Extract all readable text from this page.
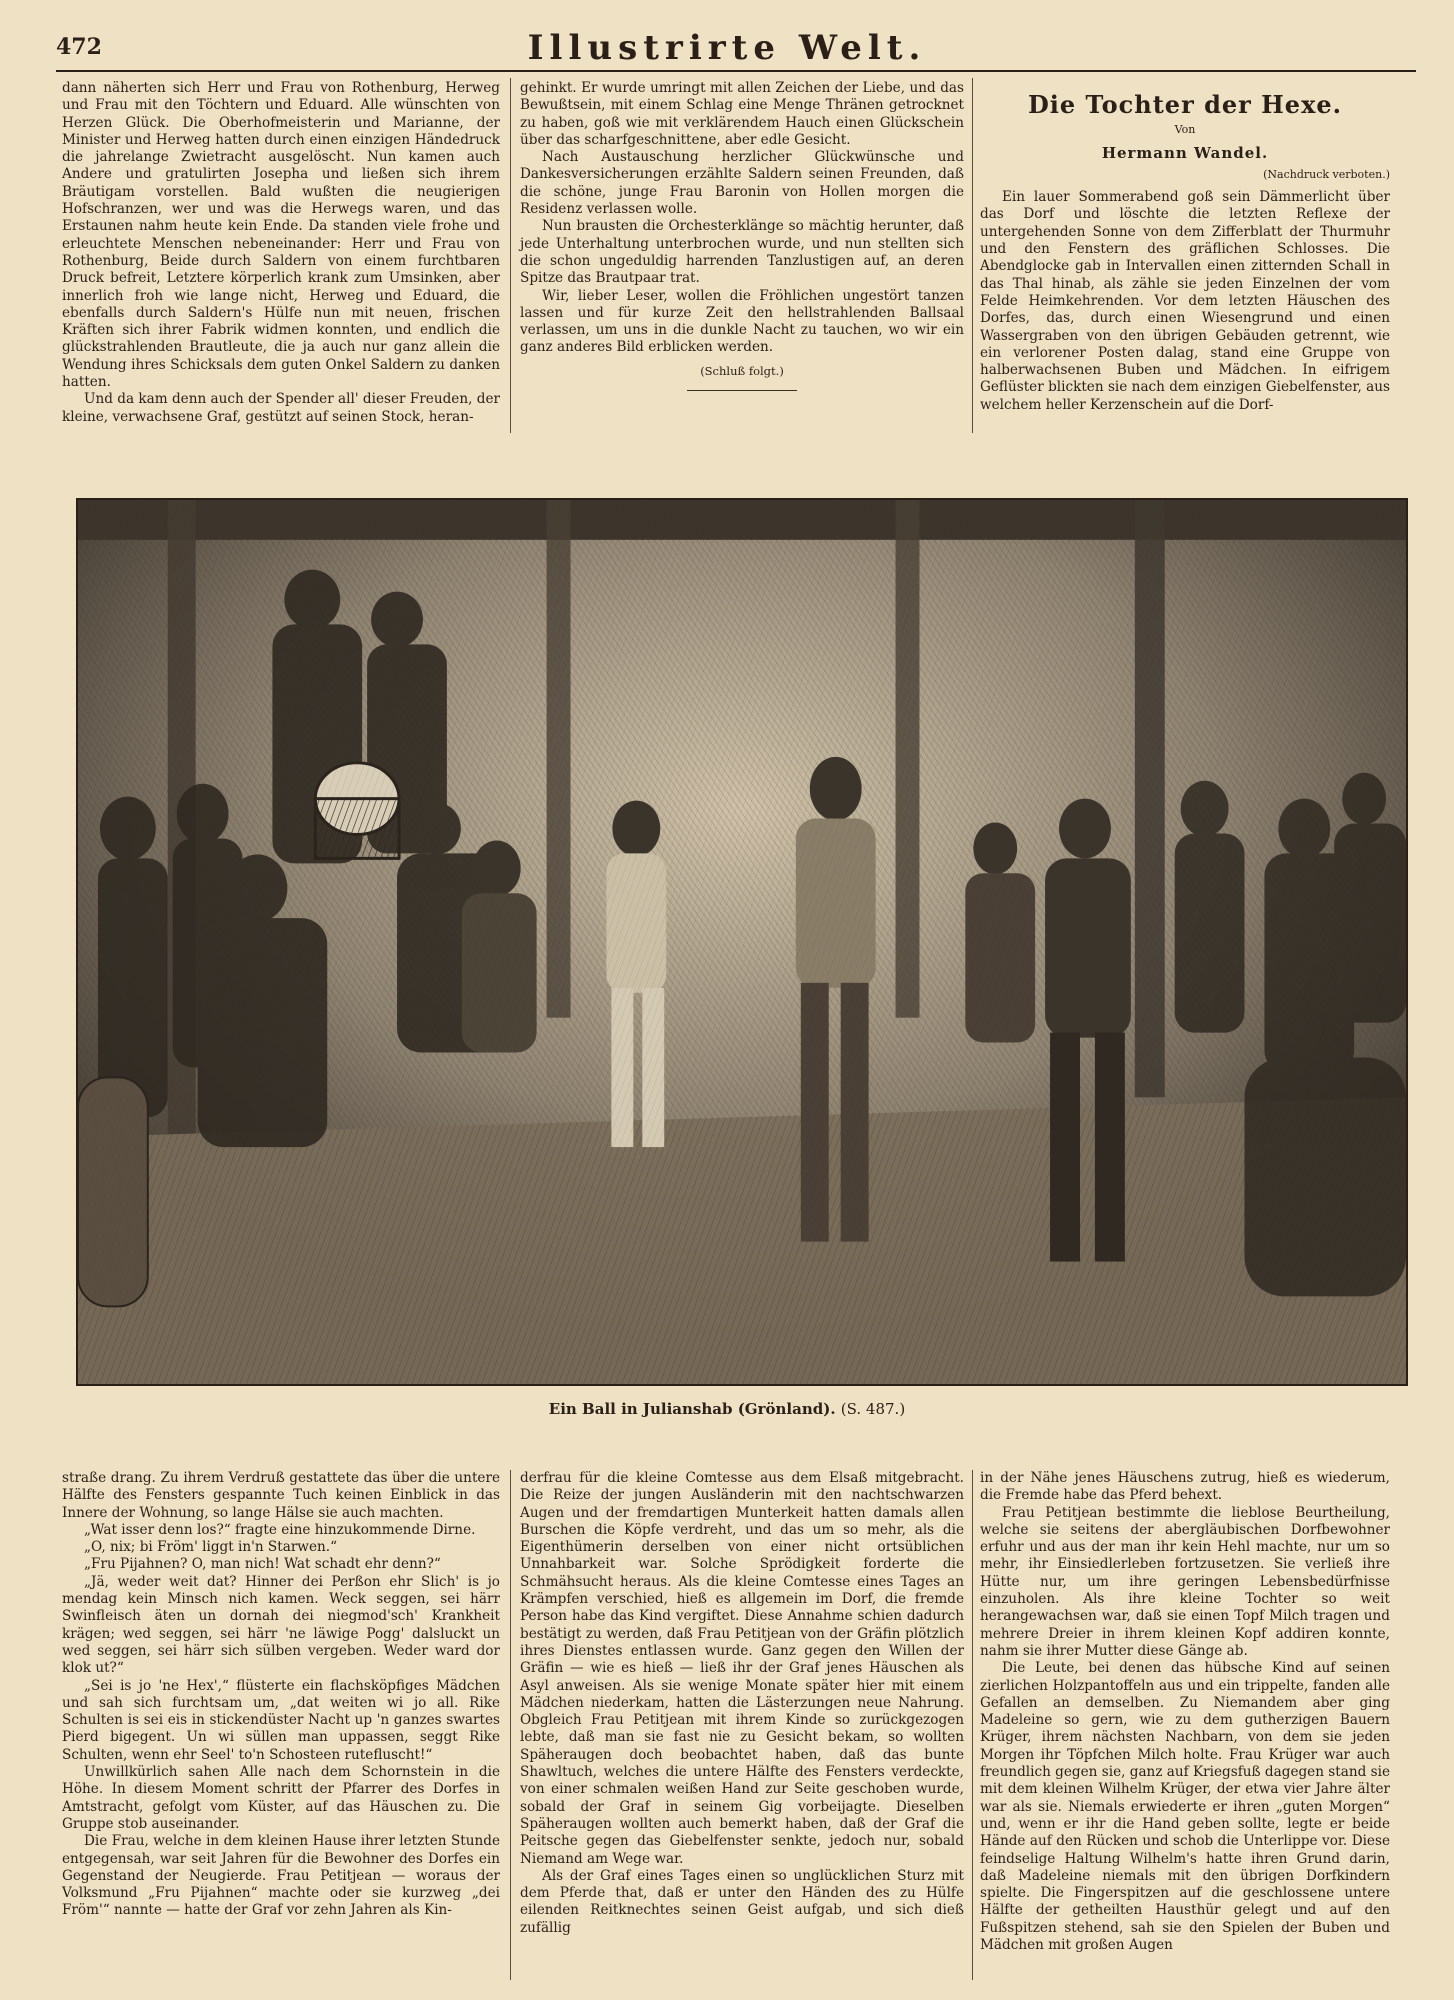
472	Illustrirte Welt.

dann näherten sich Herr und Frau von Rothenburg, Herweg und Frau mit den Töchtern und Eduard. Alle wünschten von Herzen Glück. Die Oberhofmeisterin und Marianne, der Minister und Herweg hatten durch einen einzigen Händedruck die jahrelange Zwietracht ausgelöscht. Nun kamen auch Andere und gratulirten Josepha und ließen sich ihrem Bräutigam vorstellen. Bald wußten die neugierigen Hofschranzen, wer und was die Herwegs waren, und das Erstaunen nahm heute kein Ende. Da standen viele frohe und erleuchtete Menschen nebeneinander: Herr und Frau von Rothenburg, Beide durch Saldern von einem furchtbaren Druck befreit, Letztere körperlich krank zum Umsinken, aber innerlich froh wie lange nicht, Herweg und Eduard, die ebenfalls durch Saldern's Hülfe nun mit neuen, frischen Kräften sich ihrer Fabrik widmen konnten, und endlich die glückstrahlenden Brautleute, die ja auch nur ganz allein die Wendung ihres Schicksals dem guten Onkel Saldern zu danken hatten.

Und da kam denn auch der Spender all' dieser Freuden, der kleine, verwachsene Graf, gestützt auf seinen Stock, heran-

gehinkt. Er wurde umringt mit allen Zeichen der Liebe, und das Bewußtsein, mit einem Schlag eine Menge Thränen getrocknet zu haben, goß wie mit verklärendem Hauch einen Glückschein über das scharfgeschnittene, aber edle Gesicht.

Nach Austauschung herzlicher Glückwünsche und Dankesversicherungen erzählte Saldern seinen Freunden, daß die schöne, junge Frau Baronin von Hollen morgen die Residenz verlassen wolle.

Nun brausten die Orchesterklänge so mächtig herunter, daß jede Unterhaltung unterbrochen wurde, und nun stellten sich die schon ungeduldig harrenden Tanzlustigen auf, an deren Spitze das Brautpaar trat.

Wir, lieber Leser, wollen die Fröhlichen ungestört tanzen lassen und für kurze Zeit den hellstrahlenden Ballsaal verlassen, um uns in die dunkle Nacht zu tauchen, wo wir ein ganz anderes Bild erblicken werden.

(Schluß folgt.)

Die Tochter der Hexe.
Von
Hermann Wandel.
(Nachdruck verboten.)

Ein lauer Sommerabend goß sein Dämmerlicht über das Dorf und löschte die letzten Reflexe der untergehenden Sonne von dem Zifferblatt der Thurmuhr und den Fenstern des gräflichen Schlosses. Die Abendglocke gab in Intervallen einen zitternden Schall in das Thal hinab, als zähle sie jeden Einzelnen der vom Felde Heimkehrenden. Vor dem letzten Häuschen des Dorfes, das, durch einen Wiesengrund und einen Wassergraben von den übrigen Gebäuden getrennt, wie ein verlorener Posten dalag, stand eine Gruppe von halberwachsenen Buben und Mädchen. In eifrigem Geflüster blickten sie nach dem einzigen Giebelfenster, aus welchem heller Kerzenschein auf die Dorf-

Ein Ball in Julianshab (Grönland). (S. 487.)

straße drang. Zu ihrem Verdruß gestattete das über die untere Hälfte des Fensters gespannte Tuch keinen Einblick in das Innere der Wohnung, so lange Hälse sie auch machten.

„Wat isser denn los?“ fragte eine hinzukommende Dirne.

„O, nix; bi Fröm' liggt in'n Starwen.“

„Fru Pijahnen? O, man nich! Wat schadt ehr denn?“

„Jä, weder weit dat? Hinner dei Perßon ehr Slich' is jo mendag kein Minsch nich kamen. Weck seggen, sei härr Swinfleisch äten un dornah dei niegmod'sch' Krankheit krägen; wed seggen, sei härr 'ne läwige Pogg' dalsluckt un wed seggen, sei härr sich sülben vergeben. Weder ward dor klok ut?“

„Sei is jo 'ne Hex',“ flüsterte ein flachsköpfiges Mädchen und sah sich furchtsam um, „dat weiten wi jo all. Rike Schulten is sei eis in stickendüster Nacht up 'n ganzes swartes Pierd bigegent. Un wi süllen man uppassen, seggt Rike Schulten, wenn ehr Seel' to'n Schosteen rutefluscht!“

Unwillkürlich sahen Alle nach dem Schornstein in die Höhe. In diesem Moment schritt der Pfarrer des Dorfes in Amtstracht, gefolgt vom Küster, auf das Häuschen zu. Die Gruppe stob auseinander.

Die Frau, welche in dem kleinen Hause ihrer letzten Stunde entgegensah, war seit Jahren für die Bewohner des Dorfes ein Gegenstand der Neugierde. Frau Petitjean — woraus der Volksmund „Fru Pijahnen“ machte oder sie kurzweg „dei Fröm'“ nannte — hatte der Graf vor zehn Jahren als Kin-

derfrau für die kleine Comtesse aus dem Elsaß mitgebracht. Die Reize der jungen Ausländerin mit den nachtschwarzen Augen und der fremdartigen Munterkeit hatten damals allen Burschen die Köpfe verdreht, und das um so mehr, als die Eigenthümerin derselben von einer nicht ortsüblichen Unnahbarkeit war. Solche Sprödigkeit forderte die Schmähsucht heraus. Als die kleine Comtesse eines Tages an Krämpfen verschied, hieß es allgemein im Dorf, die fremde Person habe das Kind vergiftet. Diese Annahme schien dadurch bestätigt zu werden, daß Frau Petitjean von der Gräfin plötzlich ihres Dienstes entlassen wurde. Ganz gegen den Willen der Gräfin — wie es hieß — ließ ihr der Graf jenes Häuschen als Asyl anweisen. Als sie wenige Monate später hier mit einem Mädchen niederkam, hatten die Lästerzungen neue Nahrung. Obgleich Frau Petitjean mit ihrem Kinde so zurückgezogen lebte, daß man sie fast nie zu Gesicht bekam, so wollten Späheraugen doch beobachtet haben, daß das bunte Shawltuch, welches die untere Hälfte des Fensters verdeckte, von einer schmalen weißen Hand zur Seite geschoben wurde, sobald der Graf in seinem Gig vorbeijagte. Dieselben Späheraugen wollten auch bemerkt haben, daß der Graf die Peitsche gegen das Giebelfenster senkte, jedoch nur, sobald Niemand am Wege war.

Als der Graf eines Tages einen so unglücklichen Sturz mit dem Pferde that, daß er unter den Händen des zu Hülfe eilenden Reitknechtes seinen Geist aufgab, und sich dieß zufällig

in der Nähe jenes Häuschens zutrug, hieß es wiederum, die Fremde habe das Pferd behext.

Frau Petitjean bestimmte die lieblose Beurtheilung, welche sie seitens der abergläubischen Dorfbewohner erfuhr und aus der man ihr kein Hehl machte, nur um so mehr, ihr Einsiedlerleben fortzusetzen. Sie verließ ihre Hütte nur, um ihre geringen Lebensbedürfnisse einzuholen. Als ihre kleine Tochter so weit herangewachsen war, daß sie einen Topf Milch tragen und mehrere Dreier in ihrem kleinen Kopf addiren konnte, nahm sie ihrer Mutter diese Gänge ab.

Die Leute, bei denen das hübsche Kind auf seinen zierlichen Holzpantoffeln aus und ein trippelte, fanden alle Gefallen an demselben. Zu Niemandem aber ging Madeleine so gern, wie zu dem gutherzigen Bauern Krüger, ihrem nächsten Nachbarn, von dem sie jeden Morgen ihr Töpfchen Milch holte. Frau Krüger war auch freundlich gegen sie, ganz auf Kriegsfuß dagegen stand sie mit dem kleinen Wilhelm Krüger, der etwa vier Jahre älter war als sie. Niemals erwiederte er ihren „guten Morgen“ und, wenn er ihr die Hand geben sollte, legte er beide Hände auf den Rücken und schob die Unterlippe vor. Diese feindselige Haltung Wilhelm's hatte ihren Grund darin, daß Madeleine niemals mit den übrigen Dorfkindern spielte. Die Fingerspitzen auf die geschlossene untere Hälfte der getheilten Hausthür gelegt und auf den Fußspitzen stehend, sah sie den Spielen der Buben und Mädchen mit großen Augen
